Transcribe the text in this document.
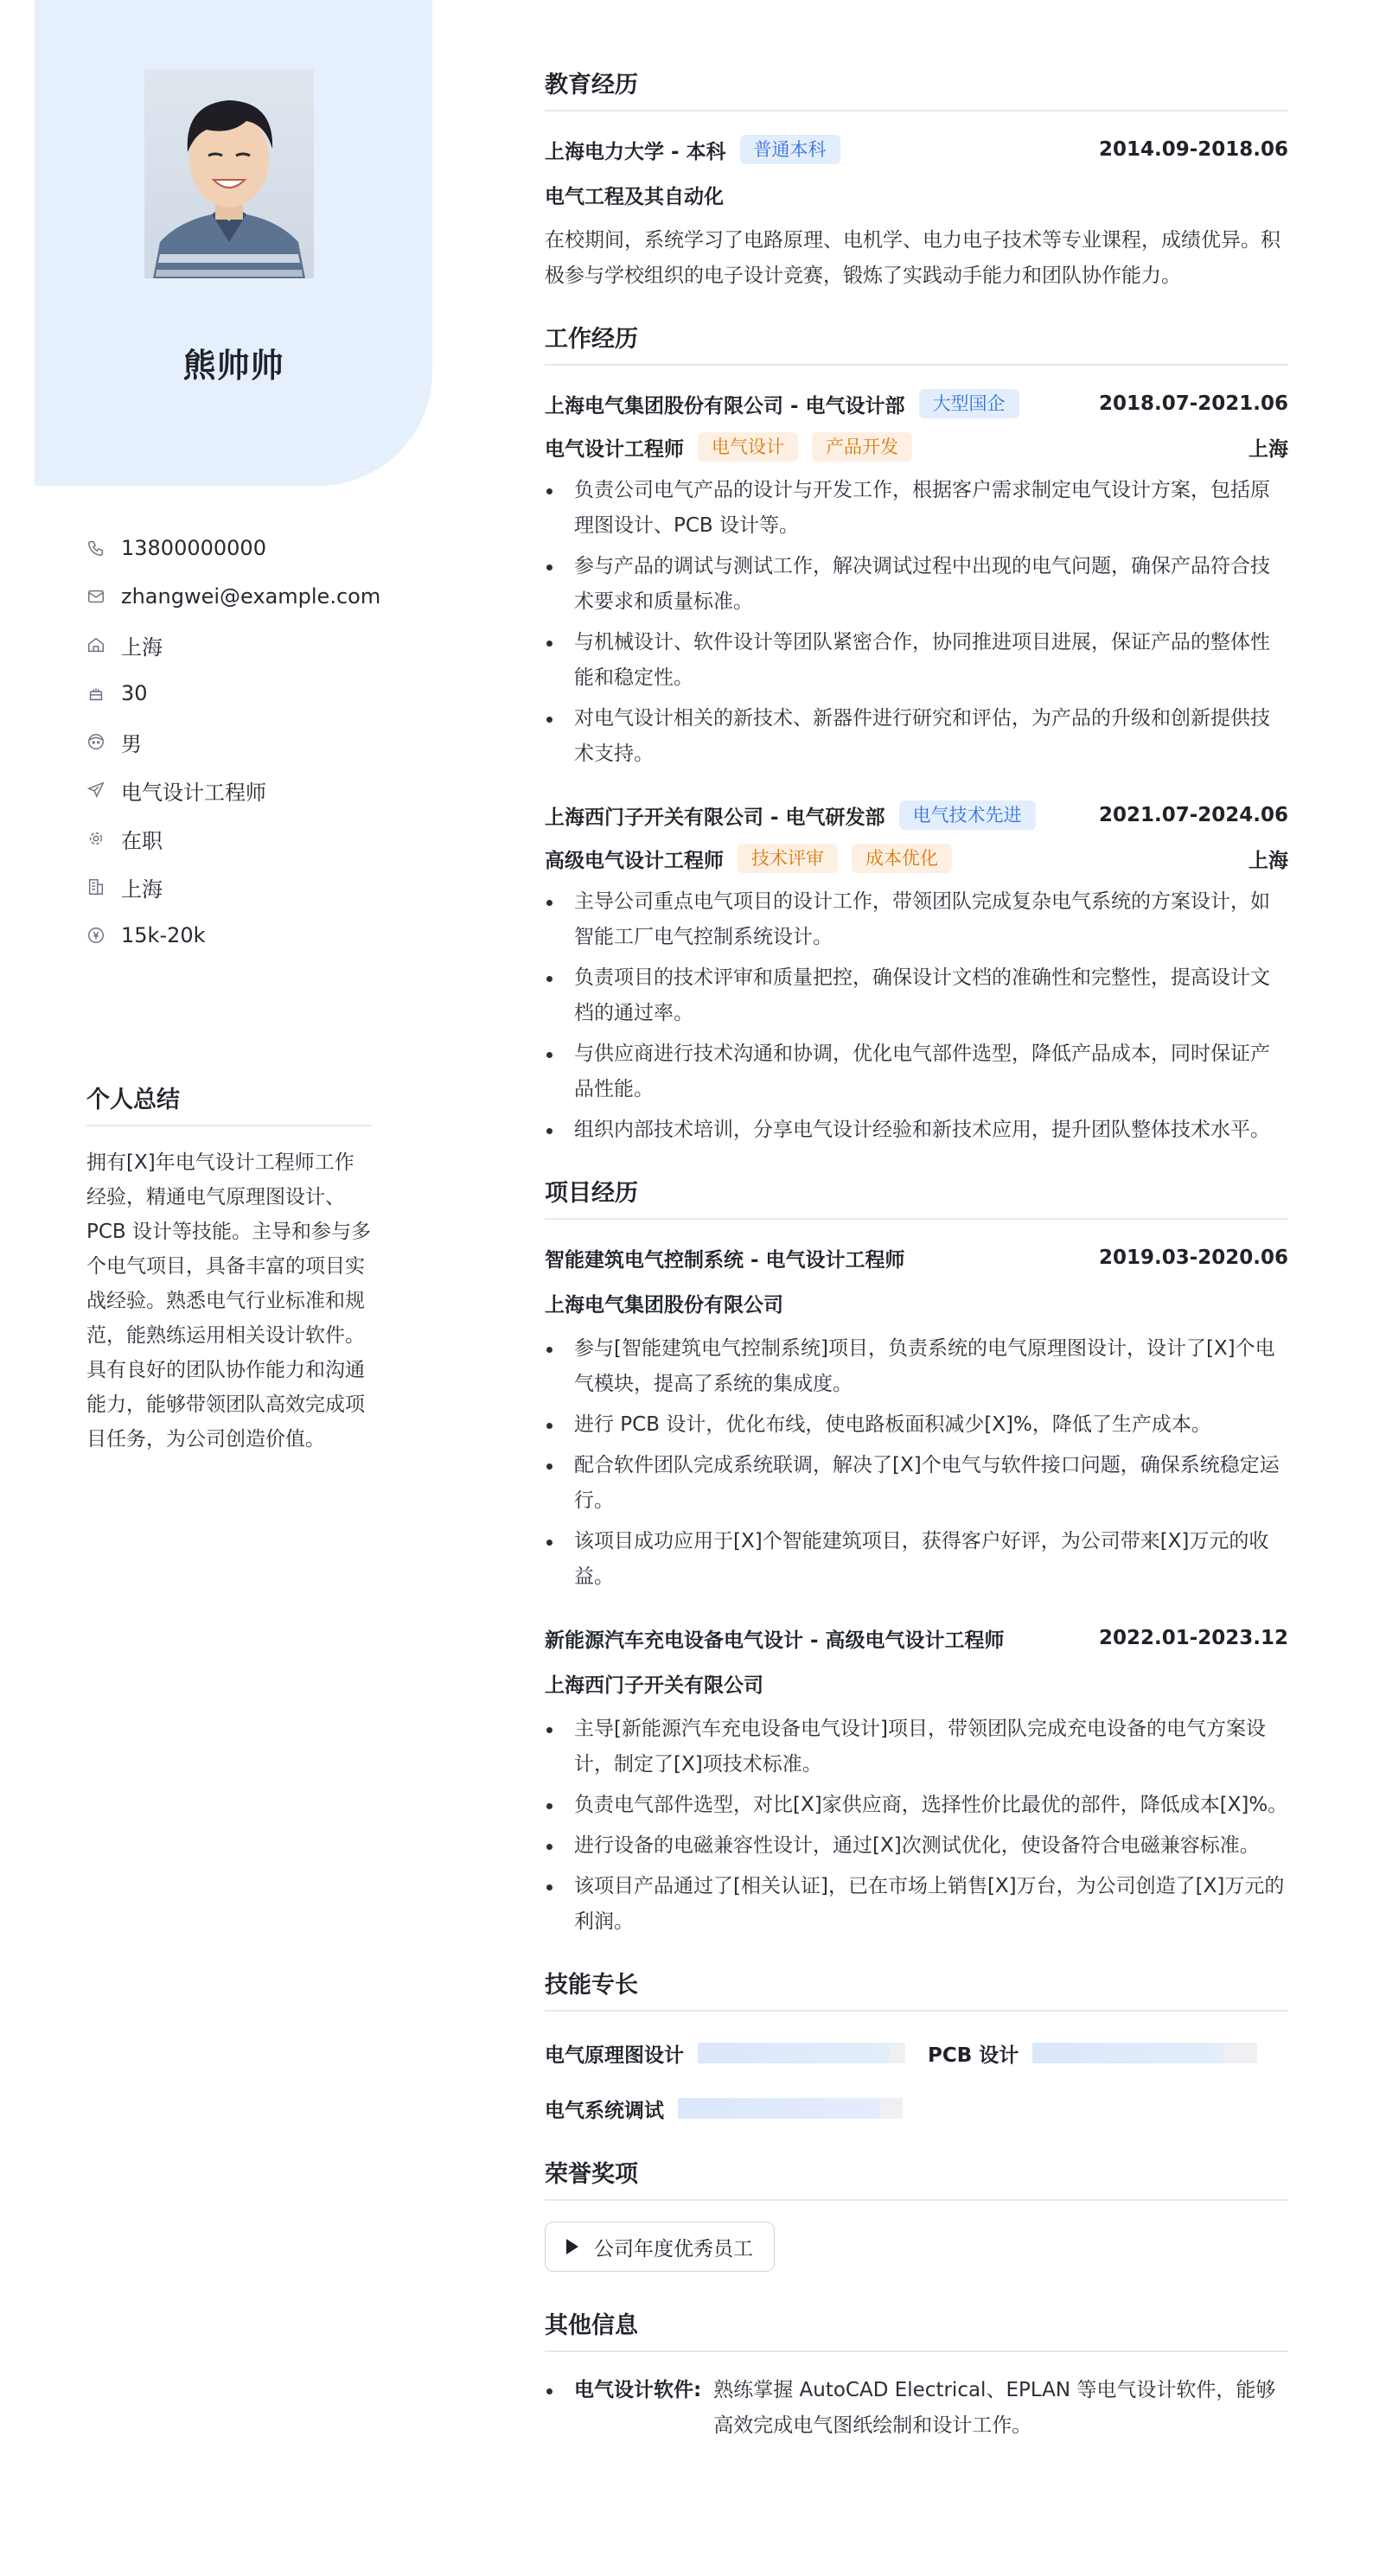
熊帅帅
13800000000
zhangwei@example.com
上海
30
男
电气设计工程师
在职
上海
15k-20k
个人总结

拥有[X]年电气设计工程师工作经验，精通电气原理图设计、PCB 设计等技能。主导和参与多个电气项目，具备丰富的项目实战经验。熟悉电气行业标准和规范，能熟练运用相关设计软件。具有良好的团队协作能力和沟通能力，能够带领团队高效完成项目任务，为公司创造价值。

教育经历
上海电力大学 - 本科	普通本科	2014.09-2018.06
电气工程及其自动化
在校期间，系统学习了电路原理、电机学、电力电子技术等专业课程，成绩优异。积极参与学校组织的电子设计竞赛，锻炼了实践动手能力和团队协作能力。
工作经历
上海电气集团股份有限公司 - 电气设计部	大型国企	2018.07-2021.06
电气设计工程师	电气设计	产品开发	上海
负责公司电气产品的设计与开发工作，根据客户需求制定电气设计方案，包括原理图设计、PCB 设计等。
参与产品的调试与测试工作，解决调试过程中出现的电气问题，确保产品符合技术要求和质量标准。
与机械设计、软件设计等团队紧密合作，协同推进项目进展，保证产品的整体性能和稳定性。
对电气设计相关的新技术、新器件进行研究和评估，为产品的升级和创新提供技术支持。
上海西门子开关有限公司 - 电气研发部	电气技术先进	2021.07-2024.06
高级电气设计工程师	技术评审	成本优化	上海
主导公司重点电气项目的设计工作，带领团队完成复杂电气系统的方案设计，如智能工厂电气控制系统设计。
负责项目的技术评审和质量把控，确保设计文档的准确性和完整性，提高设计文档的通过率。
与供应商进行技术沟通和协调，优化电气部件选型，降低产品成本，同时保证产品性能。
组织内部技术培训，分享电气设计经验和新技术应用，提升团队整体技术水平。
项目经历
智能建筑电气控制系统 - 电气设计工程师	2019.03-2020.06
上海电气集团股份有限公司
参与[智能建筑电气控制系统]项目，负责系统的电气原理图设计，设计了[X]个电气模块，提高了系统的集成度。
进行 PCB 设计，优化布线，使电路板面积减少[X]%，降低了生产成本。
配合软件团队完成系统联调，解决了[X]个电气与软件接口问题，确保系统稳定运行。
该项目成功应用于[X]个智能建筑项目，获得客户好评，为公司带来[X]万元的收益。
新能源汽车充电设备电气设计 - 高级电气设计工程师	2022.01-2023.12
上海西门子开关有限公司
主导[新能源汽车充电设备电气设计]项目，带领团队完成充电设备的电气方案设计，制定了[X]项技术标准。
负责电气部件选型，对比[X]家供应商，选择性价比最优的部件，降低成本[X]%。
进行设备的电磁兼容性设计，通过[X]次测试优化，使设备符合电磁兼容标准。
该项目产品通过了[相关认证]，已在市场上销售[X]万台，为公司创造了[X]万元的利润。
技能专长
电气原理图设计	PCB 设计
电气系统调试
荣誉奖项
公司年度优秀员工
其他信息
电气设计软件: 熟练掌握 AutoCAD Electrical、EPLAN 等电气设计软件，能够高效完成电气图纸绘制和设计工作。
